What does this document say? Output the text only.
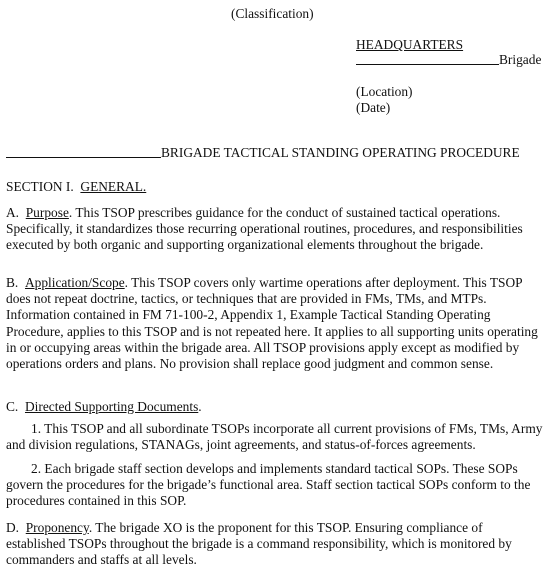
(Classification)
HEADQUARTERS
Brigade
(Location)
(Date)
BRIGADE TACTICAL STANDING OPERATING PROCEDURE
SECTION I. GENERAL.

A. Purpose. This TSOP prescribes guidance for the conduct of sustained tactical operations. Specifically, it standardizes those recurring operational routines, procedures, and responsibilities executed by both organic and supporting organizational elements throughout the brigade.

B. Application/Scope. This TSOP covers only wartime operations after deployment. This TSOP does not repeat doctrine, tactics, or techniques that are provided in FMs, TMs, and MTPs. Information contained in FM 71-100-2, Appendix 1, Example Tactical Standing Operating Procedure, applies to this TSOP and is not repeated here. It applies to all supporting units operating in or occupying areas within the brigade area. All TSOP provisions apply except as modified by operations orders and plans. No provision shall replace good judgment and common sense.

C. Directed Supporting Documents.

1. This TSOP and all subordinate TSOPs incorporate all current provisions of FMs, TMs, Army and division regulations, STANAGs, joint agreements, and status-of-forces agreements.

2. Each brigade staff section develops and implements standard tactical SOPs. These SOPs govern the procedures for the brigade’s functional area. Staff section tactical SOPs conform to the procedures contained in this SOP.

D. Proponency. The brigade XO is the proponent for this TSOP. Ensuring compliance of established TSOPs throughout the brigade is a command responsibility, which is monitored by commanders and staffs at all levels.
